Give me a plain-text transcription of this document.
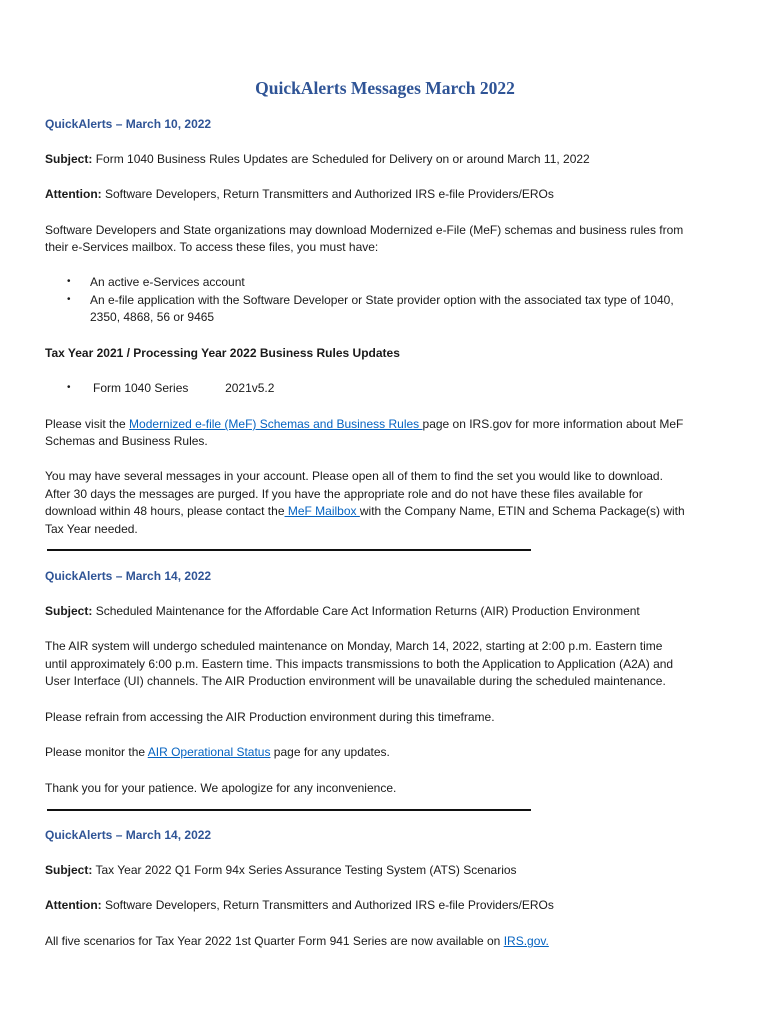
QuickAlerts Messages March 2022
QuickAlerts – March 10, 2022
Subject: Form 1040 Business Rules Updates are Scheduled for Delivery on or around March 11, 2022
Attention: Software Developers, Return Transmitters and Authorized IRS e-file Providers/EROs
Software Developers and State organizations may download Modernized e-File (MeF) schemas and business rules from
their e-Services mailbox. To access these files, you must have:
• An active e-Services account
• An e-file application with the Software Developer or State provider option with the associated tax type of 1040,
2350, 4868, 56 or 9465
Tax Year 2021 / Processing Year 2022 Business Rules Updates
• Form 1040 Series	2021v5.2
Please visit the Modernized e-file (MeF) Schemas and Business Rules page on IRS.gov for more information about MeF
Schemas and Business Rules.
You may have several messages in your account. Please open all of them to find the set you would like to download.
After 30 days the messages are purged. If you have the appropriate role and do not have these files available for
download within 48 hours, please contact the MeF Mailbox with the Company Name, ETIN and Schema Package(s) with
Tax Year needed.
QuickAlerts – March 14, 2022
Subject: Scheduled Maintenance for the Affordable Care Act Information Returns (AIR) Production Environment
The AIR system will undergo scheduled maintenance on Monday, March 14, 2022, starting at 2:00 p.m. Eastern time
until approximately 6:00 p.m. Eastern time. This impacts transmissions to both the Application to Application (A2A) and
User Interface (UI) channels. The AIR Production environment will be unavailable during the scheduled maintenance.
Please refrain from accessing the AIR Production environment during this timeframe.
Please monitor the AIR Operational Status page for any updates.
Thank you for your patience. We apologize for any inconvenience.
QuickAlerts – March 14, 2022
Subject: Tax Year 2022 Q1 Form 94x Series Assurance Testing System (ATS) Scenarios
Attention: Software Developers, Return Transmitters and Authorized IRS e-file Providers/EROs
All five scenarios for Tax Year 2022 1st Quarter Form 941 Series are now available on IRS.gov.
